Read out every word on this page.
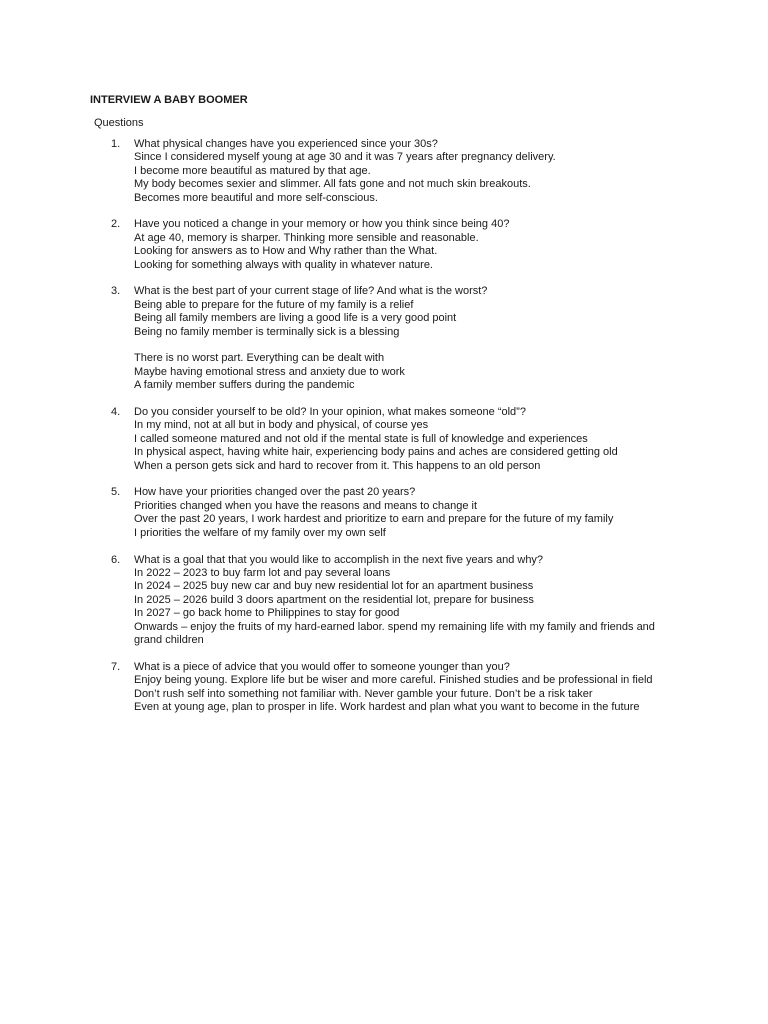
INTERVIEW A BABY BOOMER
Questions
1.	What physical changes have you experienced since your 30s?
Since I considered myself young at age 30 and it was 7 years after pregnancy delivery.
I become more beautiful as matured by that age.
My body becomes sexier and slimmer. All fats gone and not much skin breakouts.
Becomes more beautiful and more self-conscious.
2.	Have you noticed a change in your memory or how you think since being 40?
At age 40, memory is sharper. Thinking more sensible and reasonable.
Looking for answers as to How and Why rather than the What.
Looking for something always with quality in whatever nature.
3.	What is the best part of your current stage of life? And what is the worst?
Being able to prepare for the future of my family is a relief
Being all family members are living a good life is a very good point
Being no family member is terminally sick is a blessing
There is no worst part. Everything can be dealt with
Maybe having emotional stress and anxiety due to work
A family member suffers during the pandemic
4.	Do you consider yourself to be old? In your opinion, what makes someone “old”?
In my mind, not at all but in body and physical, of course yes
I called someone matured and not old if the mental state is full of knowledge and experiences
In physical aspect, having white hair, experiencing body pains and aches are considered getting old
When a person gets sick and hard to recover from it. This happens to an old person
5.	How have your priorities changed over the past 20 years?
Priorities changed when you have the reasons and means to change it
Over the past 20 years, I work hardest and prioritize to earn and prepare for the future of my family
I priorities the welfare of my family over my own self
6.	What is a goal that that you would like to accomplish in the next five years and why?
In 2022 – 2023 to buy farm lot and pay several loans
In 2024 – 2025 buy new car and buy new residential lot for an apartment business
In 2025 – 2026 build 3 doors apartment on the residential lot, prepare for business
In 2027 – go back home to Philippines to stay for good
Onwards – enjoy the fruits of my hard-earned labor. spend my remaining life with my family and friends and grand children
7.	What is a piece of advice that you would offer to someone younger than you?
Enjoy being young. Explore life but be wiser and more careful. Finished studies and be professional in field
Don’t rush self into something not familiar with. Never gamble your future. Don’t be a risk taker
Even at young age, plan to prosper in life. Work hardest and plan what you want to become in the future
